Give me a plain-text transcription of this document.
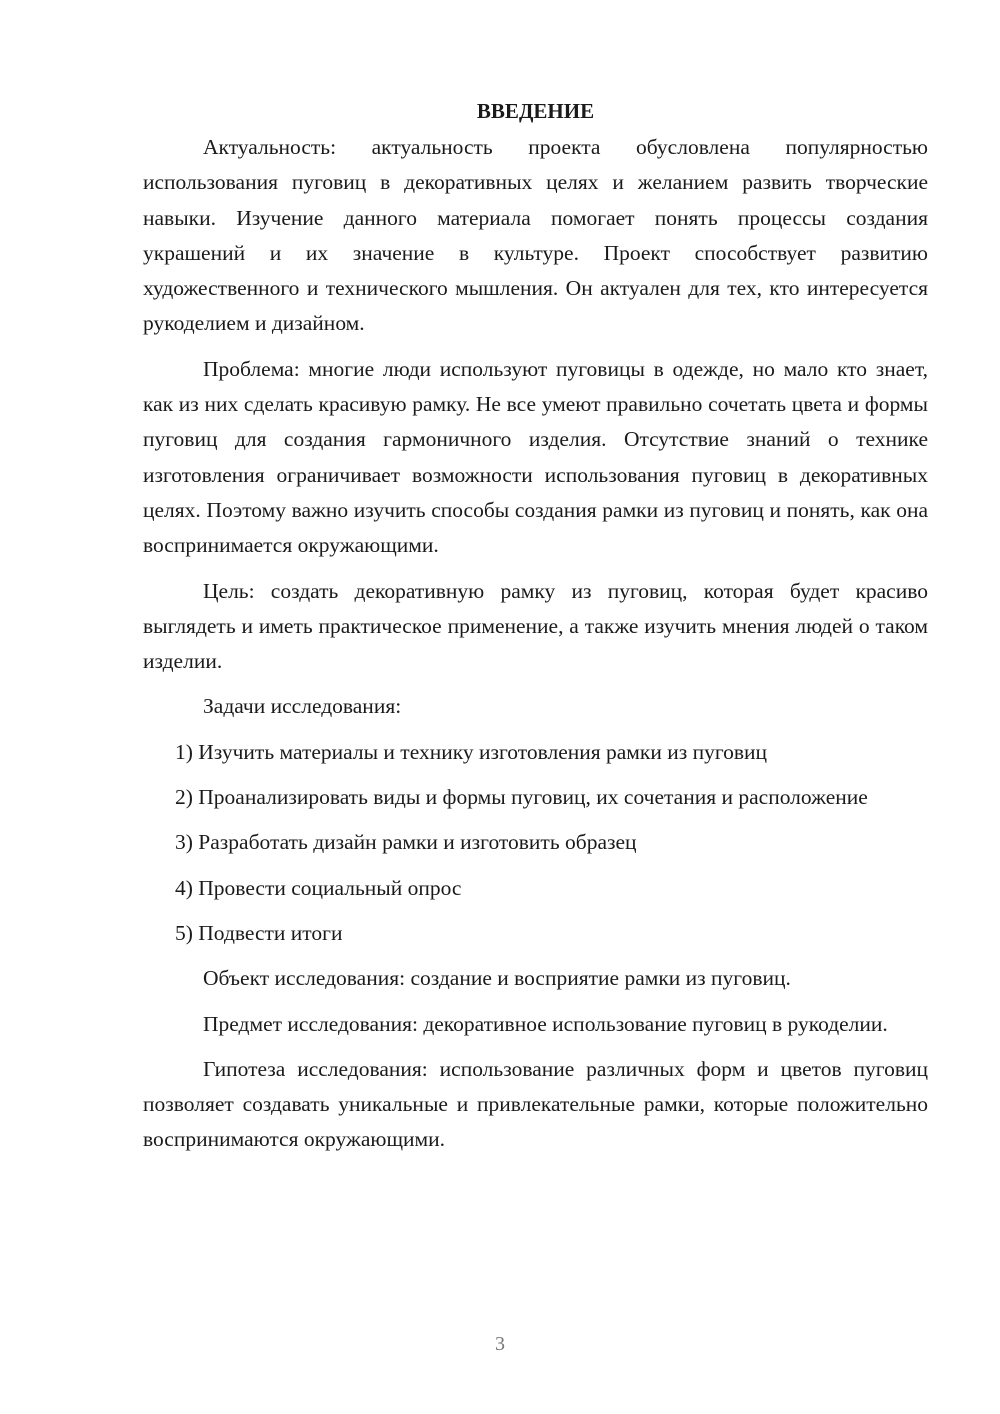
ВВЕДЕНИЕ

Актуальность: актуальность проекта обусловлена популярностью использования пуговиц в декоративных целях и желанием развить творческие навыки. Изучение данного материала помогает понять процессы создания украшений и их значение в культуре. Проект способствует развитию художественного и технического мышления. Он актуален для тех, кто интересуется рукоделием и дизайном.

Проблема: многие люди используют пуговицы в одежде, но мало кто знает, как из них сделать красивую рамку. Не все умеют правильно сочетать цвета и формы пуговиц для создания гармоничного изделия. Отсутствие знаний о технике изготовления ограничивает возможности использования пуговиц в декоративных целях. Поэтому важно изучить способы создания рамки из пуговиц и понять, как она воспринимается окружающими.

Цель: создать декоративную рамку из пуговиц, которая будет красиво выглядеть и иметь практическое применение, а также изучить мнения людей о таком изделии.

Задачи исследования:

1) Изучить материалы и технику изготовления рамки из пуговиц

2) Проанализировать виды и формы пуговиц, их сочетания и расположение

3) Разработать дизайн рамки и изготовить образец

4) Провести социальный опрос

5) Подвести итоги

Объект исследования: создание и восприятие рамки из пуговиц.

Предмет исследования: декоративное использование пуговиц в рукоделии.

Гипотеза исследования: использование различных форм и цветов пуговиц позволяет создавать уникальные и привлекательные рамки, которые положительно воспринимаются окружающими.

3
